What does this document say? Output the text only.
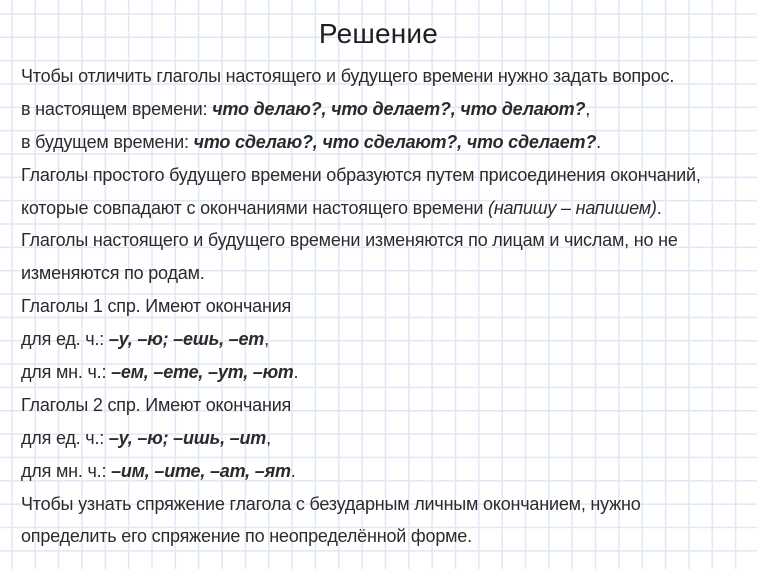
Решение
Чтобы отличить глаголы настоящего и будущего времени нужно задать вопрос.
в настоящем времени: что делаю?, что делает?, что делают?,
в будущем времени: что сделаю?, что сделают?, что сделает?.
Глаголы простого будущего времени образуются путем присоединения окончаний,
которые совпадают с окончаниями настоящего времени (напишу – напишем).
Глаголы настоящего и будущего времени изменяются по лицам и числам, но не
изменяются по родам.
Глаголы 1 спр. Имеют окончания
для ед. ч.: –у, –ю; –ешь, –ет,
для мн. ч.: –ем, –ете, –ут, –ют.
Глаголы 2 спр. Имеют окончания
для ед. ч.: –у, –ю; –ишь, –ит,
для мн. ч.: –им, –ите, –ат, –ят.
Чтобы узнать спряжение глагола с безударным личным окончанием, нужно
определить его спряжение по неопределённой форме.
